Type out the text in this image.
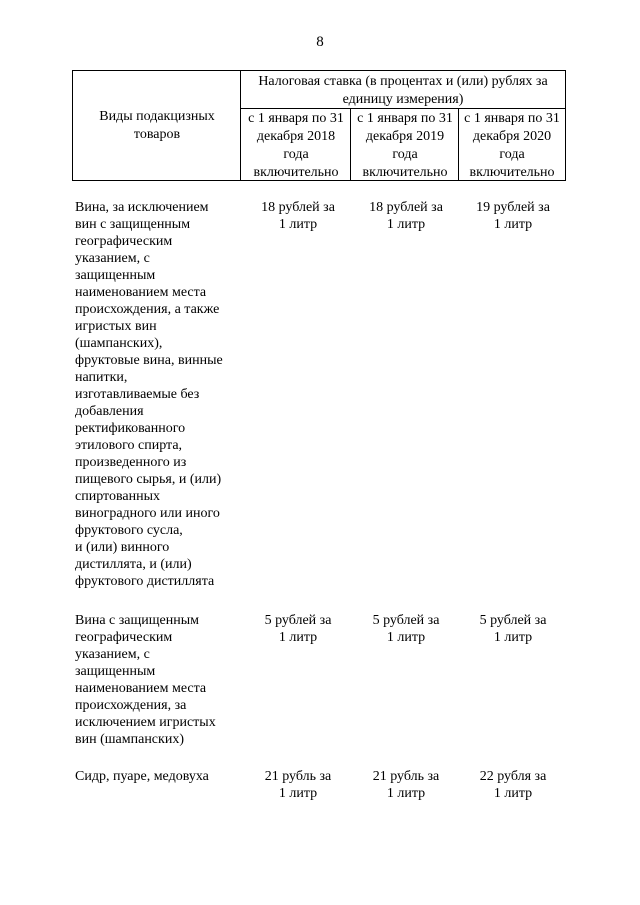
8
Виды подакцизных товаров
Налоговая ставка (в процентах и (или) рублях за единицу измерения)
с 1 января по 31 декабря 2018 года включительно
с 1 января по 31 декабря 2019 года включительно
с 1 января по 31 декабря 2020 года включительно
Вина, за исключением
вин с защищенным
географическим
указанием, с
защищенным
наименованием места
происхождения, а также
игристых вин
(шампанских),
фруктовые вина, винные
напитки,
изготавливаемые без
добавления
ректификованного
этилового спирта,
произведенного из
пищевого сырья, и (или)
спиртованных
виноградного или иного
фруктового сусла,
и (или) винного
дистиллята, и (или)
фруктового дистиллята
18 рублей за
1 литр
18 рублей за
1 литр
19 рублей за
1 литр
Вина с защищенным
географическим
указанием, с
защищенным
наименованием места
происхождения, за
исключением игристых
вин (шампанских)
5 рублей за
1 литр
5 рублей за
1 литр
5 рублей за
1 литр
Сидр, пуаре, медовуха	21 рубль за
1 литр
21 рубль за
1 литр
22 рубля за
1 литр
